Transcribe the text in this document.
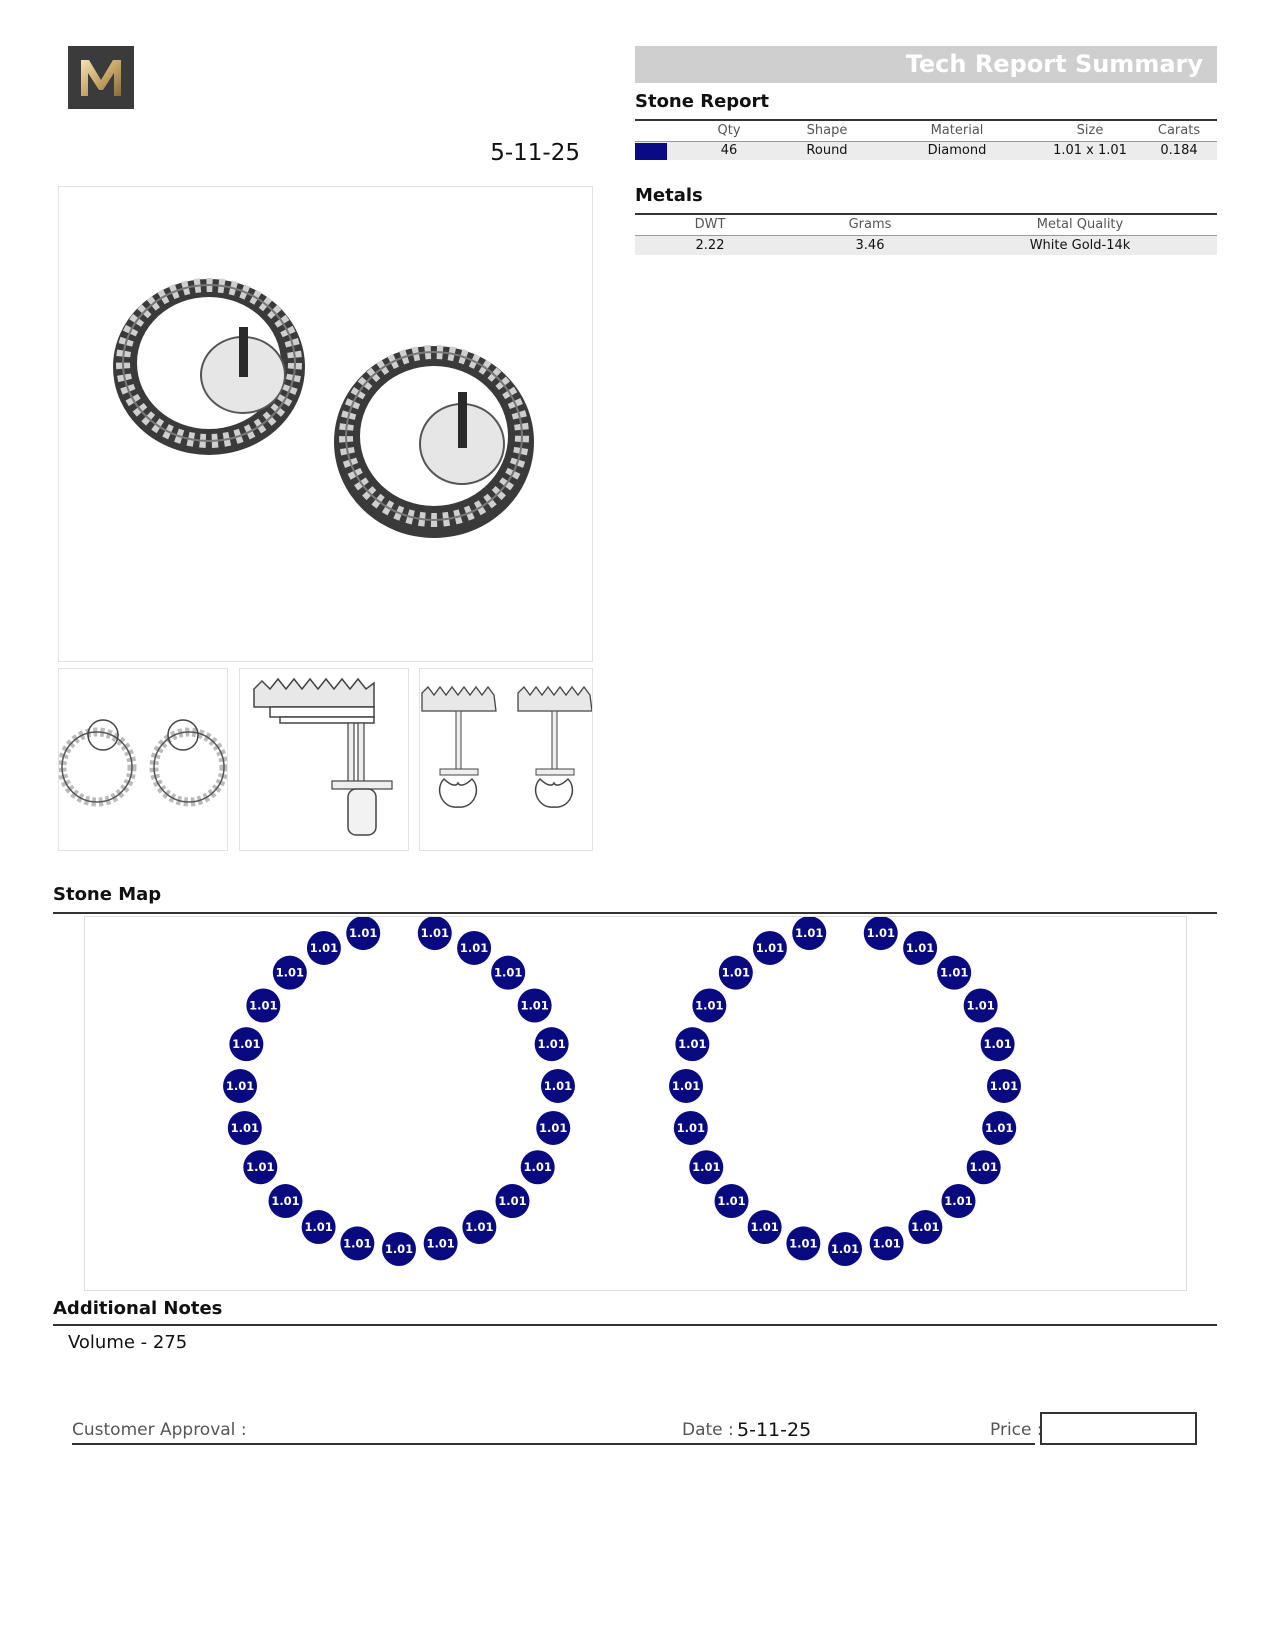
5-11-25
Tech Report Summary
Stone Report
Qty	Shape	Material	Size	Carats
46	Round	Diamond	1.01 x 1.01	0.184
Metals
DWT	Grams	Metal Quality
2.22	3.46	White Gold-14k
Stone Map
1.01
1.01
1.01
1.01
1.01
1.01
1.01
1.01
1.01
1.01
1.01
1.01
1.01
1.01
1.01
1.01
1.01
1.01
1.01
1.01
1.01
1.01
1.01	1.01
1.01
1.01
1.01
1.01
1.01
1.01
1.01
1.01
1.01
1.01
1.01
1.01
1.01
1.01
1.01
1.01
1.01
1.01
1.01
1.01
1.01
1.01
Additional Notes
Volume - 275
Customer Approval :	Date : 5-11-25	Price :
